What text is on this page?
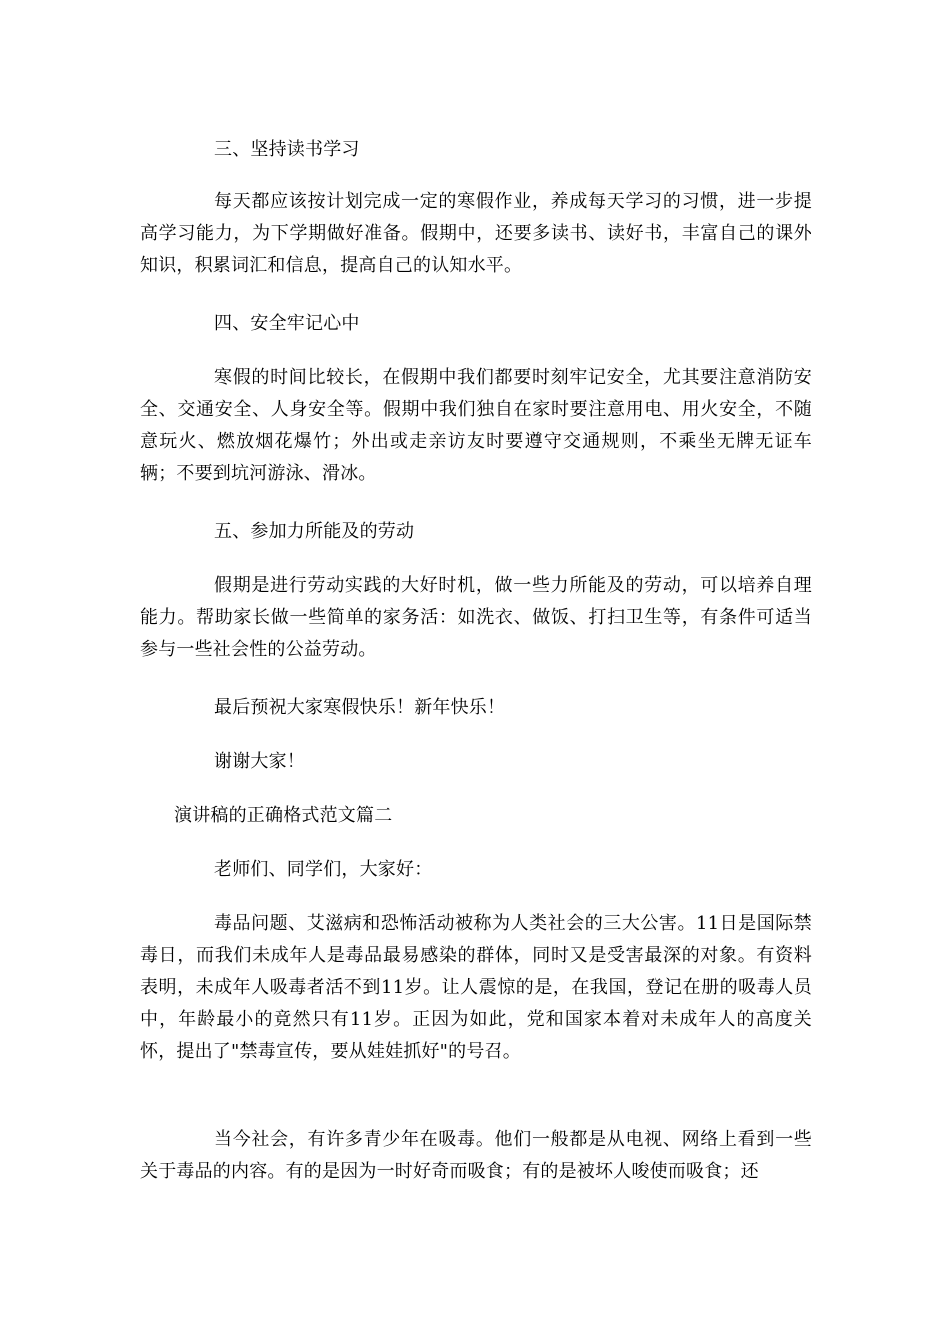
三、坚持读书学习

每天都应该按计划完成一定的寒假作业，养成每天学习的习惯，进一步提高学习能力，为下学期做好准备。假期中，还要多读书、读好书，丰富自己的课外知识，积累词汇和信息，提高自己的认知水平。

四、安全牢记心中

寒假的时间比较长，在假期中我们都要时刻牢记安全，尤其要注意消防安全、交通安全、人身安全等。假期中我们独自在家时要注意用电、用火安全，不随意玩火、燃放烟花爆竹；外出或走亲访友时要遵守交通规则，不乘坐无牌无证车辆；不要到坑河游泳、滑冰。

五、参加力所能及的劳动

假期是进行劳动实践的大好时机，做一些力所能及的劳动，可以培养自理能力。帮助家长做一些简单的家务活：如洗衣、做饭、打扫卫生等，有条件可适当参与一些社会性的公益劳动。

最后预祝大家寒假快乐！新年快乐！

谢谢大家！

演讲稿的正确格式范文篇二

老师们、同学们，大家好：

毒品问题、艾滋病和恐怖活动被称为人类社会的三大公害。11日是国际禁毒日，而我们未成年人是毒品最易感染的群体，同时又是受害最深的对象。有资料表明，未成年人吸毒者活不到11岁。让人震惊的是，在我国，登记在册的吸毒人员中，年龄最小的竟然只有11岁。正因为如此，党和国家本着对未成年人的高度关怀，提出了"禁毒宣传，要从娃娃抓好"的号召。

当今社会，有许多青少年在吸毒。他们一般都是从电视、网络上看到一些关于毒品的内容。有的是因为一时好奇而吸食；有的是被坏人唆使而吸食；还
